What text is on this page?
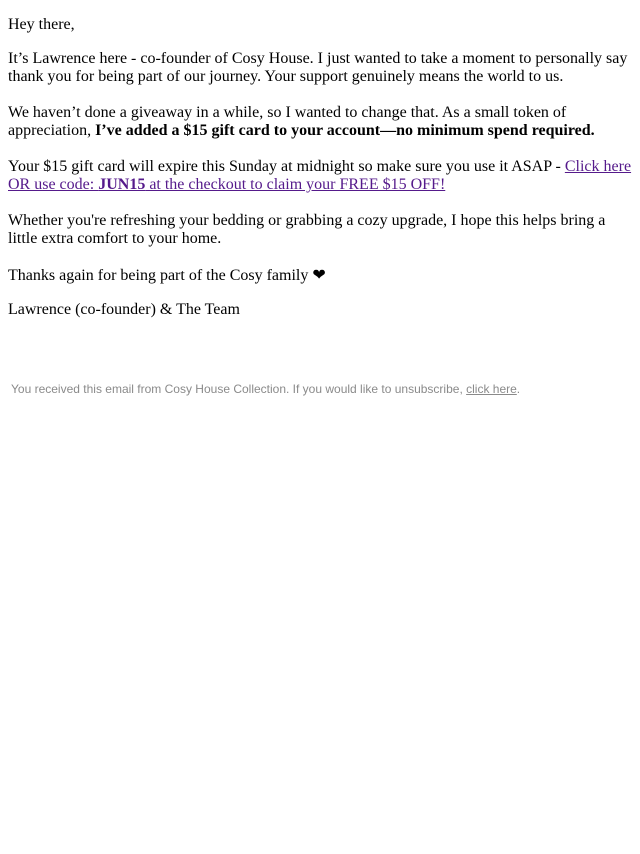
Hey there,

It’s Lawrence here - co-founder of Cosy House. I just wanted to take a moment to personally say thank you for being part of our journey. Your support genuinely means the world to us.

We haven’t done a giveaway in a while, so I wanted to change that. As a small token of appreciation, I’ve added a $15 gift card to your account—no minimum spend required.

Your $15 gift card will expire this Sunday at midnight so make sure you use it ASAP - Click here OR use code: JUN15 at the checkout to claim your FREE $15 OFF!

Whether you're refreshing your bedding or grabbing a cozy upgrade, I hope this helps bring a little extra comfort to your home.

Thanks again for being part of the Cosy family ❤

Lawrence (co-founder) & The Team

You received this email from Cosy House Collection. If you would like to unsubscribe, click here.
